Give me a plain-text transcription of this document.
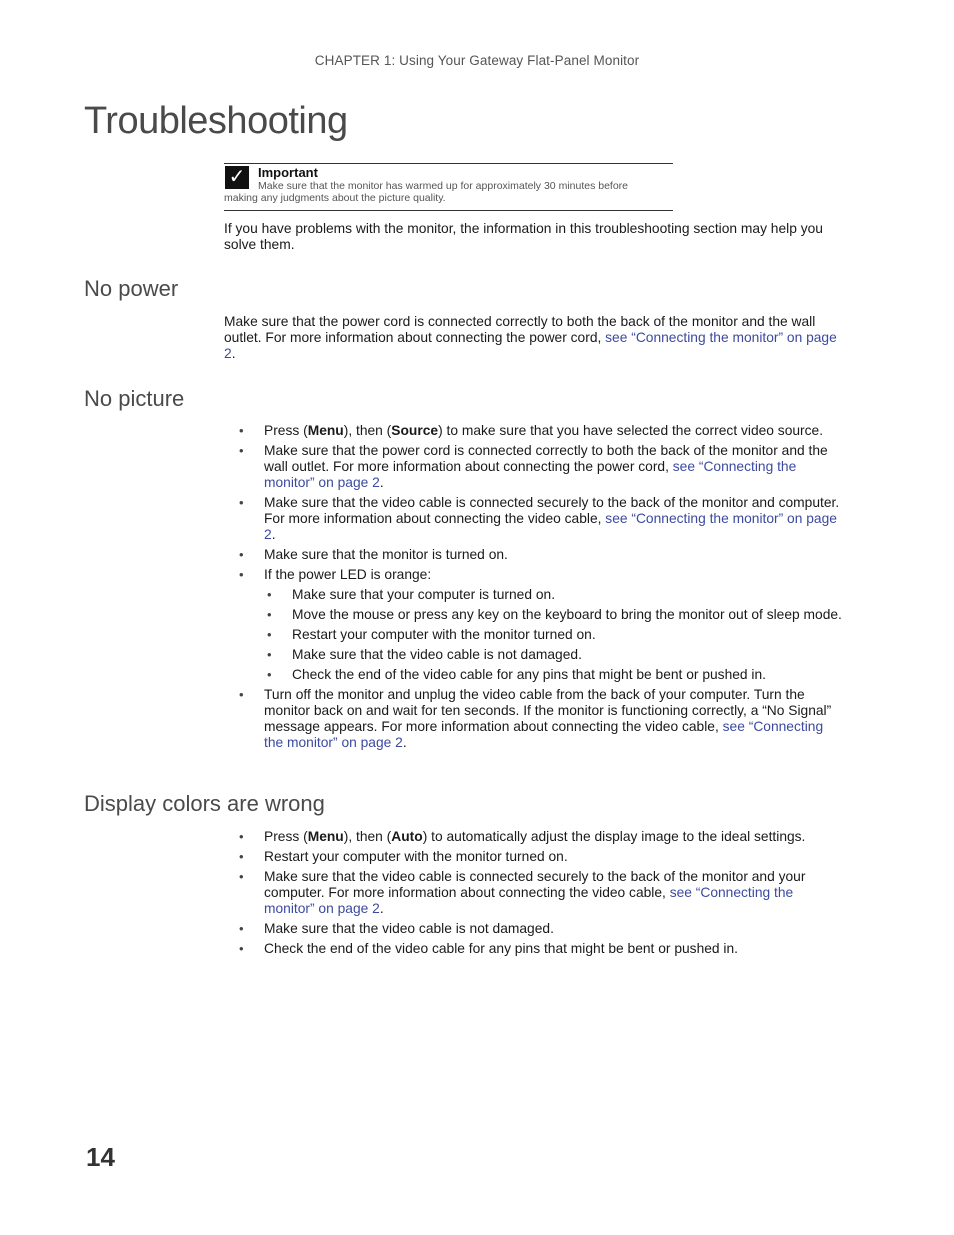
CHAPTER 1: Using Your Gateway Flat-Panel Monitor
Troubleshooting
✓ Important
Make sure that the monitor has warmed up for approximately 30 minutes before
making any judgments about the picture quality.

If you have problems with the monitor, the information in this troubleshooting section may help you solve them.

No power

Make sure that the power cord is connected correctly to both the back of the monitor and the wall outlet. For more information about connecting the power cord, see “Connecting the monitor” on page 2.

No picture
• Press (Menu), then (Source) to make sure that you have selected the correct video source.
• Make sure that the power cord is connected correctly to both the back of the monitor and the wall outlet. For more information about connecting the power cord, see “Connecting the monitor” on page 2.
• Make sure that the video cable is connected securely to the back of the monitor and computer. For more information about connecting the video cable, see “Connecting the monitor” on page 2.
• Make sure that the monitor is turned on.
• If the power LED is orange:
• Make sure that your computer is turned on.
• Move the mouse or press any key on the keyboard to bring the monitor out of sleep mode.
• Restart your computer with the monitor turned on.
• Make sure that the video cable is not damaged.
• Check the end of the video cable for any pins that might be bent or pushed in.
• Turn off the monitor and unplug the video cable from the back of your computer. Turn the monitor back on and wait for ten seconds. If the monitor is functioning correctly, a “No Signal” message appears. For more information about connecting the video cable, see “Connecting the monitor” on page 2.
Display colors are wrong
• Press (Menu), then (Auto) to automatically adjust the display image to the ideal settings.
• Restart your computer with the monitor turned on.
• Make sure that the video cable is connected securely to the back of the monitor and your computer. For more information about connecting the video cable, see “Connecting the monitor” on page 2.
• Make sure that the video cable is not damaged.
• Check the end of the video cable for any pins that might be bent or pushed in.
14
